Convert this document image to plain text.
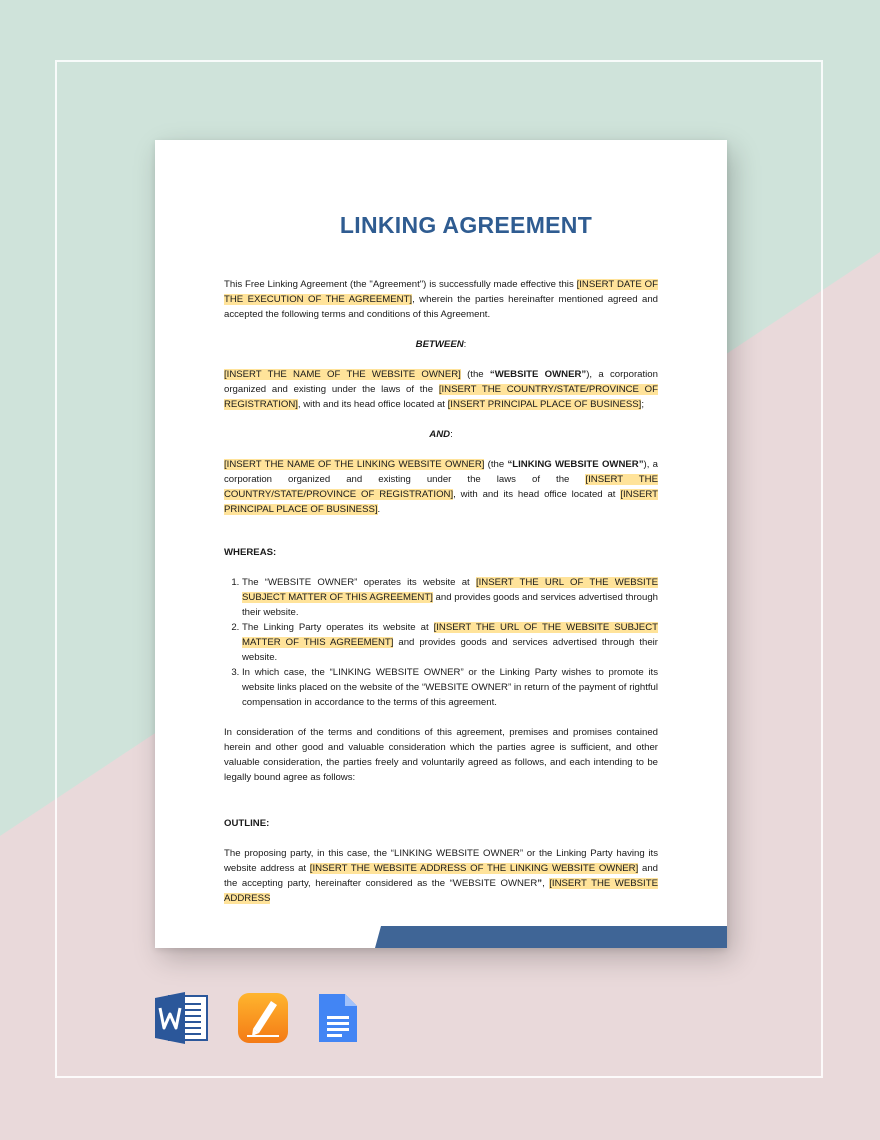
LINKING AGREEMENT

This Free Linking Agreement (the "Agreement") is successfully made effective this [INSERT DATE OF THE EXECUTION OF THE AGREEMENT], wherein the parties hereinafter mentioned agreed and accepted the following terms and conditions of this Agreement.

BETWEEN:

[INSERT THE NAME OF THE WEBSITE OWNER] (the “WEBSITE OWNER”), a corporation organized and existing under the laws of the [INSERT THE COUNTRY/STATE/PROVINCE OF REGISTRATION], with and its head office located at [INSERT PRINCIPAL PLACE OF BUSINESS];

AND:

[INSERT THE NAME OF THE LINKING WEBSITE OWNER] (the “LINKING WEBSITE OWNER”), a corporation organized and existing under the laws of the [INSERT THE COUNTRY/STATE/PROVINCE OF REGISTRATION], with and its head office located at [INSERT PRINCIPAL PLACE OF BUSINESS].

WHEREAS:

1. The “WEBSITE OWNER” operates its website at [INSERT THE URL OF THE WEBSITE SUBJECT MATTER OF THIS AGREEMENT] and provides goods and services advertised through their website.
2. The Linking Party operates its website at [INSERT THE URL OF THE WEBSITE SUBJECT MATTER OF THIS AGREEMENT] and provides goods and services advertised through their website.
3. In which case, the “LINKING WEBSITE OWNER” or the Linking Party wishes to promote its website links placed on the website of the “WEBSITE OWNER” in return of the payment of rightful compensation in accordance to the terms of this agreement.

In consideration of the terms and conditions of this agreement, premises and promises contained herein and other good and valuable consideration which the parties agree is sufficient, and other valuable consideration, the parties freely and voluntarily agreed as follows, and each intending to be legally bound agree as follows:

OUTLINE:

The proposing party, in this case, the “LINKING WEBSITE OWNER” or the Linking Party having its website address at [INSERT THE WEBSITE ADDRESS OF THE LINKING WEBSITE OWNER] and the accepting party, hereinafter considered as the “WEBSITE OWNER”, [INSERT THE WEBSITE ADDRESS
